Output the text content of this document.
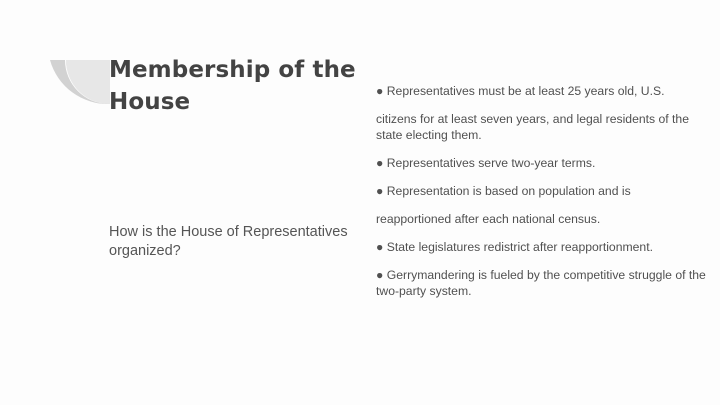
Membership of the House

How is the House of Representatives organized?

● Representatives must be at least 25 years old, U.S.

citizens for at least seven years, and legal residents of the state electing them.

● Representatives serve two-year terms.

● Representation is based on population and is

reapportioned after each national census.

● State legislatures redistrict after reapportionment.

● Gerrymandering is fueled by the competitive struggle of the two-party system.
